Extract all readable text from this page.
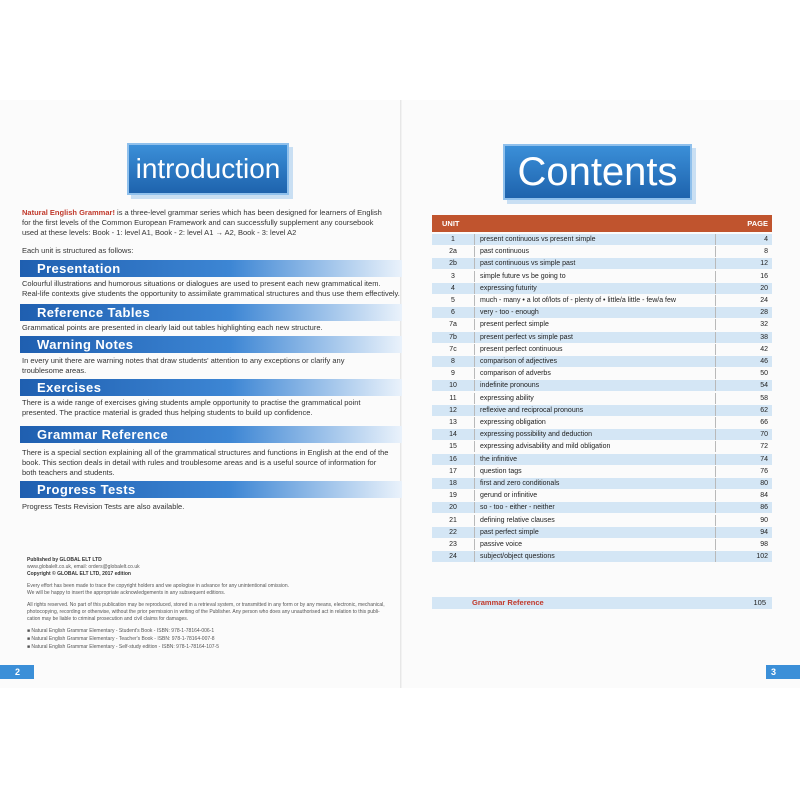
introduction
Natural English Grammar! is a three-level grammar series which has been designed for learners of English
for the first levels of the Common European Framework and can successfully supplement any coursebook
used at these levels: Book - 1: level A1, Book - 2: level A1 → A2, Book - 3: level A2
Each unit is structured as follows:
Presentation
Colourful illustrations and humorous situations or dialogues are used to present each new grammatical item.
Real-life contexts give students the opportunity to assimilate grammatical structures and thus use them effectively.
Reference Tables
Grammatical points are presented in clearly laid out tables highlighting each new structure.
Warning Notes
In every unit there are warning notes that draw students' attention to any exceptions or clarify any
troublesome areas.
Exercises
There is a wide range of exercises giving students ample opportunity to practise the grammatical point
presented. The practice material is graded thus helping students to build up confidence.
Grammar Reference
There is a special section explaining all of the grammatical structures and functions in English at the end of the
book. This section deals in detail with rules and troublesome areas and is a useful source of information for
both teachers and students.
Progress Tests
Progress Tests Revision Tests are also available.
Published by GLOBAL ELT LTD
www.globalelt.co.uk, email: orders@globalelt.co.uk
Copyright © GLOBAL ELT LTD, 2017 edition
Every effort has been made to trace the copyright holders and we apologise in advance for any unintentional omission.
We will be happy to insert the appropriate acknowledgements in any subsequent editions.
All rights reserved. No part of this publication may be reproduced, stored in a retrieval system, or transmitted in any form or by any means, electronic, mechanical,
photocopying, recording or otherwise, without the prior permission in writing of the Publisher. Any person who does any unauthorised act in relation to this publi-
cation may be liable to criminal prosecution and civil claims for damages.
■ Natural English Grammar Elementary - Student's Book - ISBN: 978-1-78164-006-1
■ Natural English Grammar Elementary - Teacher's Book - ISBN: 978-1-78164-007-8
■ Natural English Grammar Elementary - Self-study edition - ISBN: 978-1-78164-107-5
2
Contents
UNIT	PAGE
1	present continuous vs present simple	4
2a	past continuous	8
2b	past continuous vs simple past	12
3	simple future vs be going to	16
4	expressing futurity	20
5	much - many • a lot of/lots of - plenty of • little/a little - few/a few	24
6	very - too - enough	28
7a	present perfect simple	32
7b	present perfect vs simple past	38
7c	present perfect continuous	42
8	comparison of adjectives	46
9	comparison of adverbs	50
10	indefinite pronouns	54
11	expressing ability	58
12	reflexive and reciprocal pronouns	62
13	expressing obligation	66
14	expressing possibility and deduction	70
15	expressing advisability and mild obligation	72
16	the infinitive	74
17	question tags	76
18	first and zero conditionals	80
19	gerund or infinitive	84
20	so - too - either - neither	86
21	defining relative clauses	90
22	past perfect simple	94
23	passive voice	98
24	subject/object questions	102
Grammar Reference	105
3
